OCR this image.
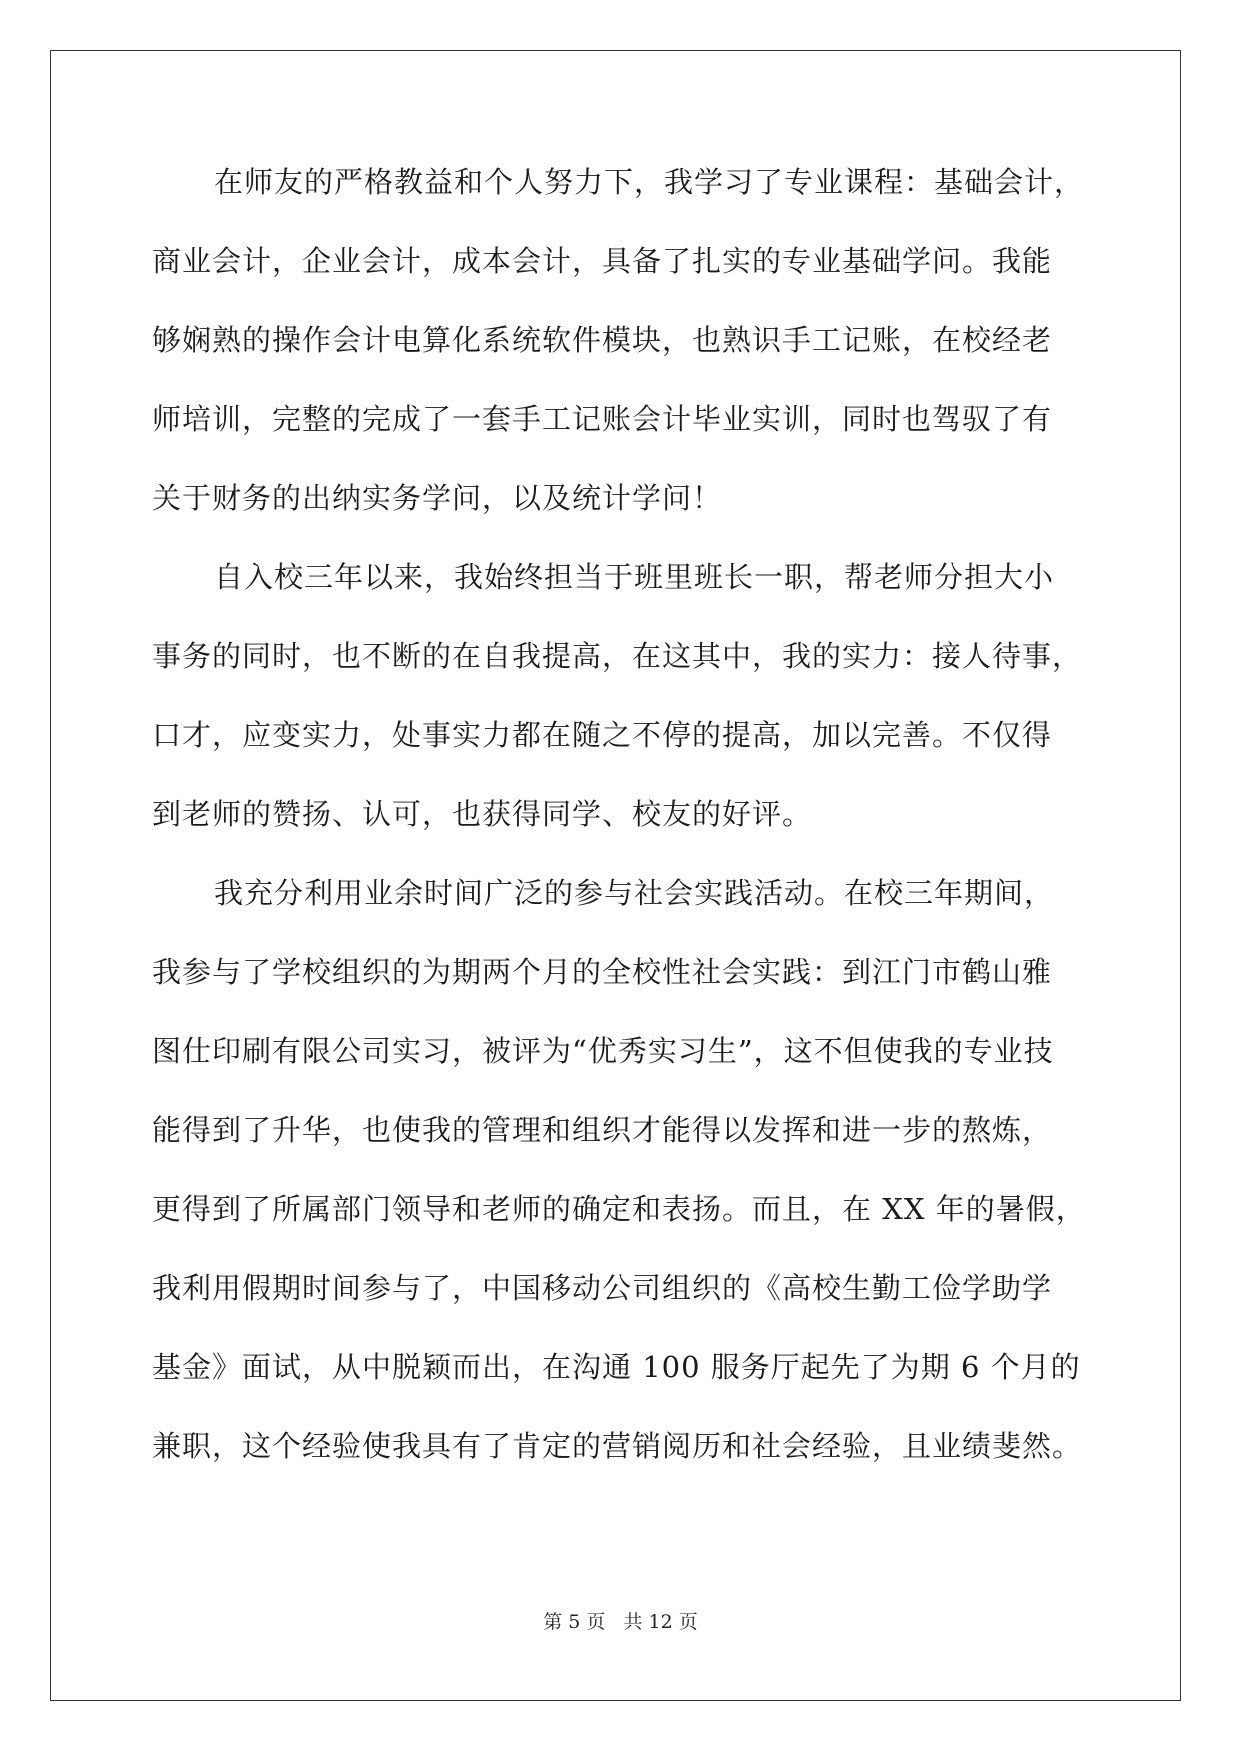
在师友的严格教益和个人努力下，我学习了专业课程：基础会计，
商业会计，企业会计，成本会计，具备了扎实的专业基础学问。我能
够娴熟的操作会计电算化系统软件模块，也熟识手工记账，在校经老
师培训，完整的完成了一套手工记账会计毕业实训，同时也驾驭了有
关于财务的出纳实务学问，以及统计学问！
自入校三年以来，我始终担当于班里班长一职，帮老师分担大小
事务的同时，也不断的在自我提高，在这其中，我的实力：接人待事，
口才，应变实力，处事实力都在随之不停的提高，加以完善。不仅得
到老师的赞扬、认可，也获得同学、校友的好评。
我充分利用业余时间广泛的参与社会实践活动。在校三年期间，
我参与了学校组织的为期两个月的全校性社会实践：到江门市鹤山雅
图仕印刷有限公司实习，被评为“优秀实习生”，这不但使我的专业技
能得到了升华，也使我的管理和组织才能得以发挥和进一步的熬炼，
更得到了所属部门领导和老师的确定和表扬。而且，在 XX 年的暑假，
我利用假期时间参与了，中国移动公司组织的《高校生勤工俭学助学
基金》面试，从中脱颖而出，在沟通 100 服务厅起先了为期 6 个月的
兼职，这个经验使我具有了肯定的营销阅历和社会经验，且业绩斐然。
第 5 页 共 12 页
